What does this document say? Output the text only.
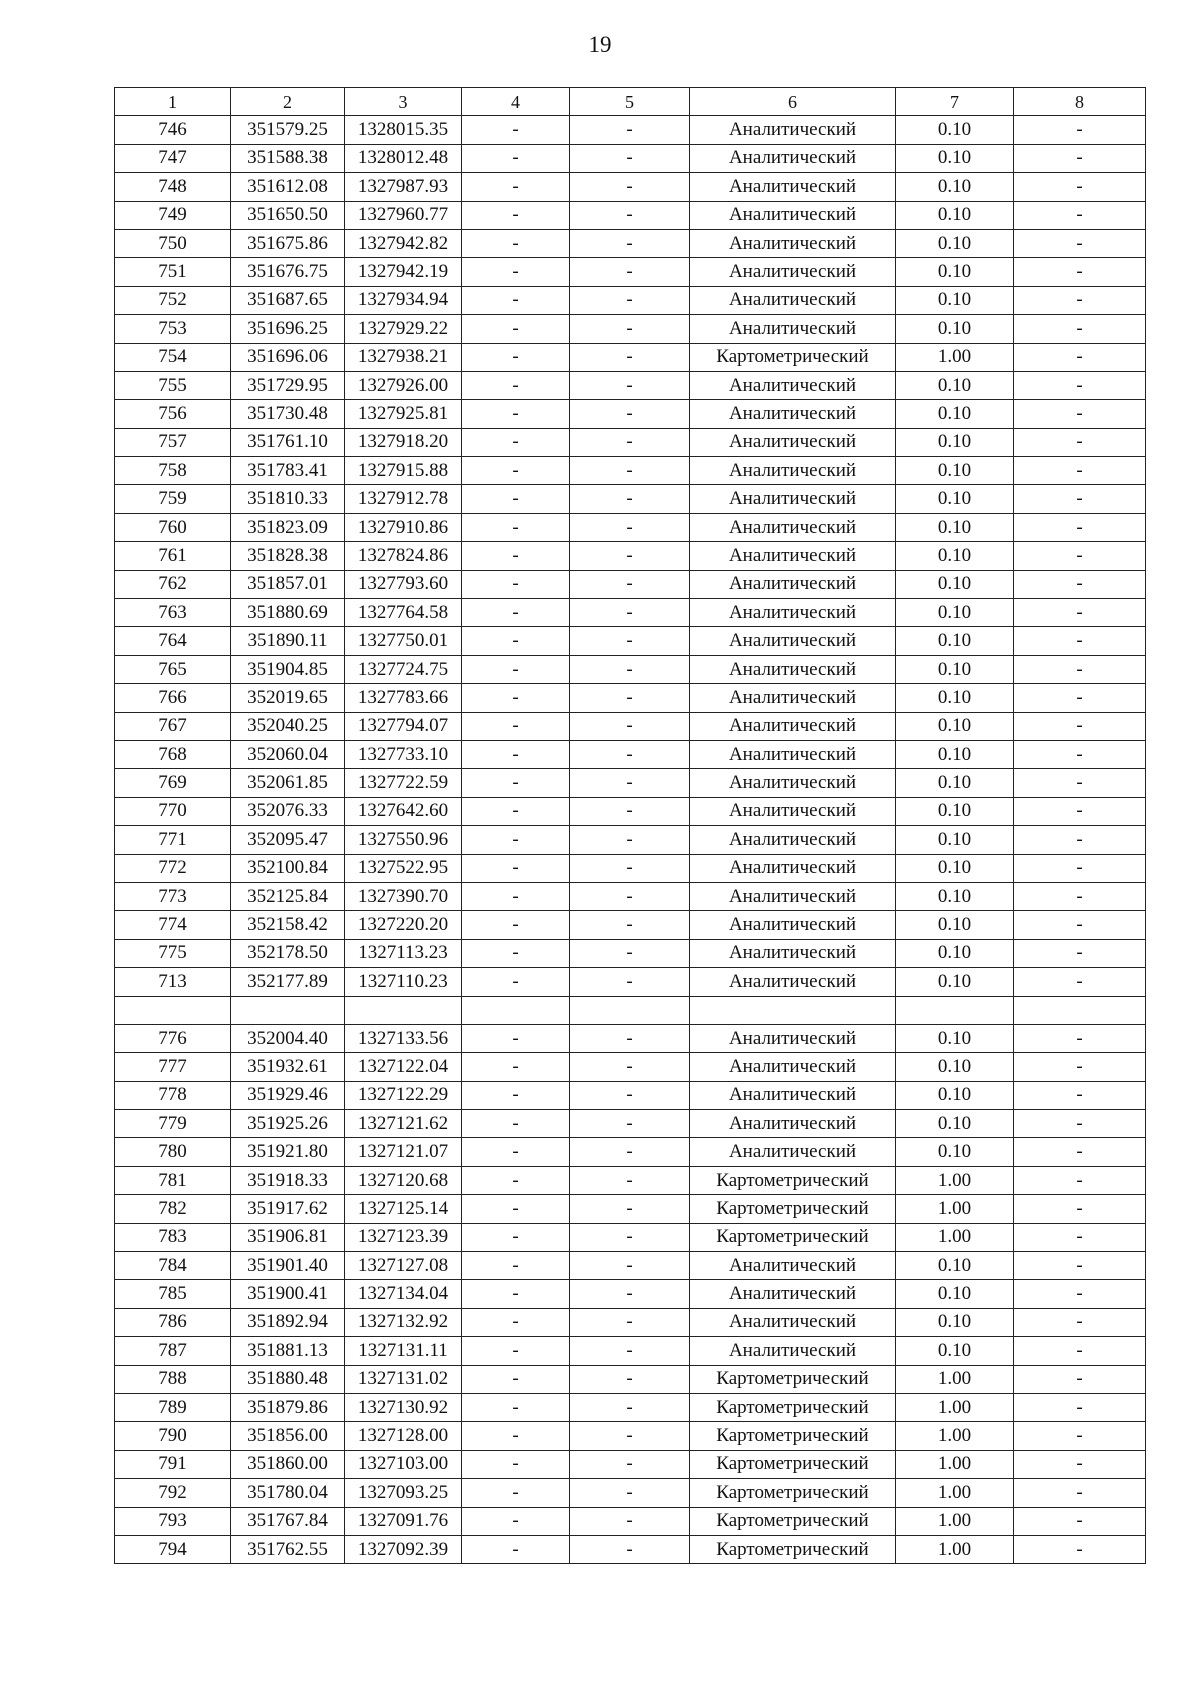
19
1	2	3	4	5	6	7	8
746	351579.25	1328015.35	-	-	Аналитический	0.10	-
747	351588.38	1328012.48	-	-	Аналитический	0.10	-
748	351612.08	1327987.93	-	-	Аналитический	0.10	-
749	351650.50	1327960.77	-	-	Аналитический	0.10	-
750	351675.86	1327942.82	-	-	Аналитический	0.10	-
751	351676.75	1327942.19	-	-	Аналитический	0.10	-
752	351687.65	1327934.94	-	-	Аналитический	0.10	-
753	351696.25	1327929.22	-	-	Аналитический	0.10	-
754	351696.06	1327938.21	-	-	Картометрический	1.00	-
755	351729.95	1327926.00	-	-	Аналитический	0.10	-
756	351730.48	1327925.81	-	-	Аналитический	0.10	-
757	351761.10	1327918.20	-	-	Аналитический	0.10	-
758	351783.41	1327915.88	-	-	Аналитический	0.10	-
759	351810.33	1327912.78	-	-	Аналитический	0.10	-
760	351823.09	1327910.86	-	-	Аналитический	0.10	-
761	351828.38	1327824.86	-	-	Аналитический	0.10	-
762	351857.01	1327793.60	-	-	Аналитический	0.10	-
763	351880.69	1327764.58	-	-	Аналитический	0.10	-
764	351890.11	1327750.01	-	-	Аналитический	0.10	-
765	351904.85	1327724.75	-	-	Аналитический	0.10	-
766	352019.65	1327783.66	-	-	Аналитический	0.10	-
767	352040.25	1327794.07	-	-	Аналитический	0.10	-
768	352060.04	1327733.10	-	-	Аналитический	0.10	-
769	352061.85	1327722.59	-	-	Аналитический	0.10	-
770	352076.33	1327642.60	-	-	Аналитический	0.10	-
771	352095.47	1327550.96	-	-	Аналитический	0.10	-
772	352100.84	1327522.95	-	-	Аналитический	0.10	-
773	352125.84	1327390.70	-	-	Аналитический	0.10	-
774	352158.42	1327220.20	-	-	Аналитический	0.10	-
775	352178.50	1327113.23	-	-	Аналитический	0.10	-
713	352177.89	1327110.23	-	-	Аналитический	0.10	-

776	352004.40	1327133.56	-	-	Аналитический	0.10	-
777	351932.61	1327122.04	-	-	Аналитический	0.10	-
778	351929.46	1327122.29	-	-	Аналитический	0.10	-
779	351925.26	1327121.62	-	-	Аналитический	0.10	-
780	351921.80	1327121.07	-	-	Аналитический	0.10	-
781	351918.33	1327120.68	-	-	Картометрический	1.00	-
782	351917.62	1327125.14	-	-	Картометрический	1.00	-
783	351906.81	1327123.39	-	-	Картометрический	1.00	-
784	351901.40	1327127.08	-	-	Аналитический	0.10	-
785	351900.41	1327134.04	-	-	Аналитический	0.10	-
786	351892.94	1327132.92	-	-	Аналитический	0.10	-
787	351881.13	1327131.11	-	-	Аналитический	0.10	-
788	351880.48	1327131.02	-	-	Картометрический	1.00	-
789	351879.86	1327130.92	-	-	Картометрический	1.00	-
790	351856.00	1327128.00	-	-	Картометрический	1.00	-
791	351860.00	1327103.00	-	-	Картометрический	1.00	-
792	351780.04	1327093.25	-	-	Картометрический	1.00	-
793	351767.84	1327091.76	-	-	Картометрический	1.00	-
794	351762.55	1327092.39	-	-	Картометрический	1.00	-
